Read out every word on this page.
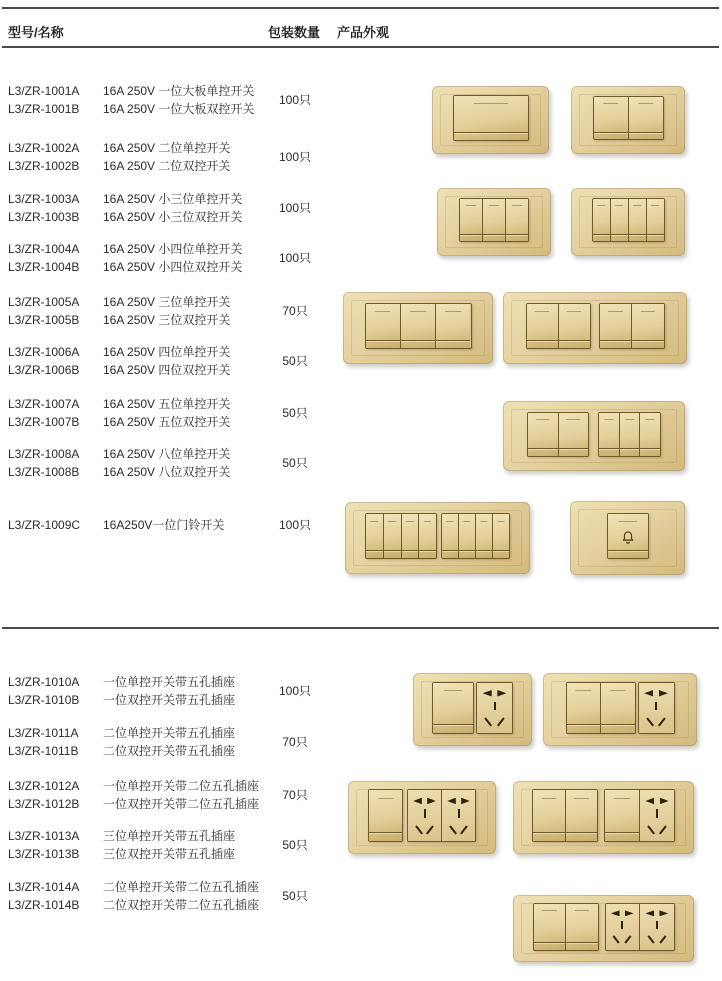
型号/名称	包装数量 产品外观
L3/ZR-1001A 16A 250V 一位大板单控开关
L3/ZR-1001B 16A 250V 一位大板双控开关
100只
L3/ZR-1002A 16A 250V 二位单控开关
L3/ZR-1002B 16A 250V 二位双控开关
100只
L3/ZR-1003A 16A 250V 小三位单控开关
L3/ZR-1003B 16A 250V 小三位双控开关
100只
L3/ZR-1004A 16A 250V 小四位单控开关
L3/ZR-1004B 16A 250V 小四位双控开关
100只
L3/ZR-1005A 16A 250V 三位单控开关
L3/ZR-1005B 16A 250V 三位双控开关
70只
L3/ZR-1006A 16A 250V 四位单控开关
L3/ZR-1006B 16A 250V 四位双控开关
50只
L3/ZR-1007A 16A 250V 五位单控开关
L3/ZR-1007B 16A 250V 五位双控开关
50只
L3/ZR-1008A 16A 250V 八位单控开关
L3/ZR-1008B 16A 250V 八位双控开关
50只
L3/ZR-1009C 16A250V一位门铃开关	100只
L3/ZR-1010A 一位单控开关带五孔插座
L3/ZR-1010B 一位双控开关带五孔插座
100只
L3/ZR-1011A 二位单控开关带五孔插座
L3/ZR-1011B 二位双控开关带五孔插座
70只
L3/ZR-1012A 一位单控开关带二位五孔插座
L3/ZR-1012B 一位双控开关带二位五孔插座
70只
L3/ZR-1013A 三位单控开关带五孔插座
L3/ZR-1013B 三位双控开关带五孔插座
50只
L3/ZR-1014A 二位单控开关带二位五孔插座
L3/ZR-1014B 二位双控开关带二位五孔插座
50只
